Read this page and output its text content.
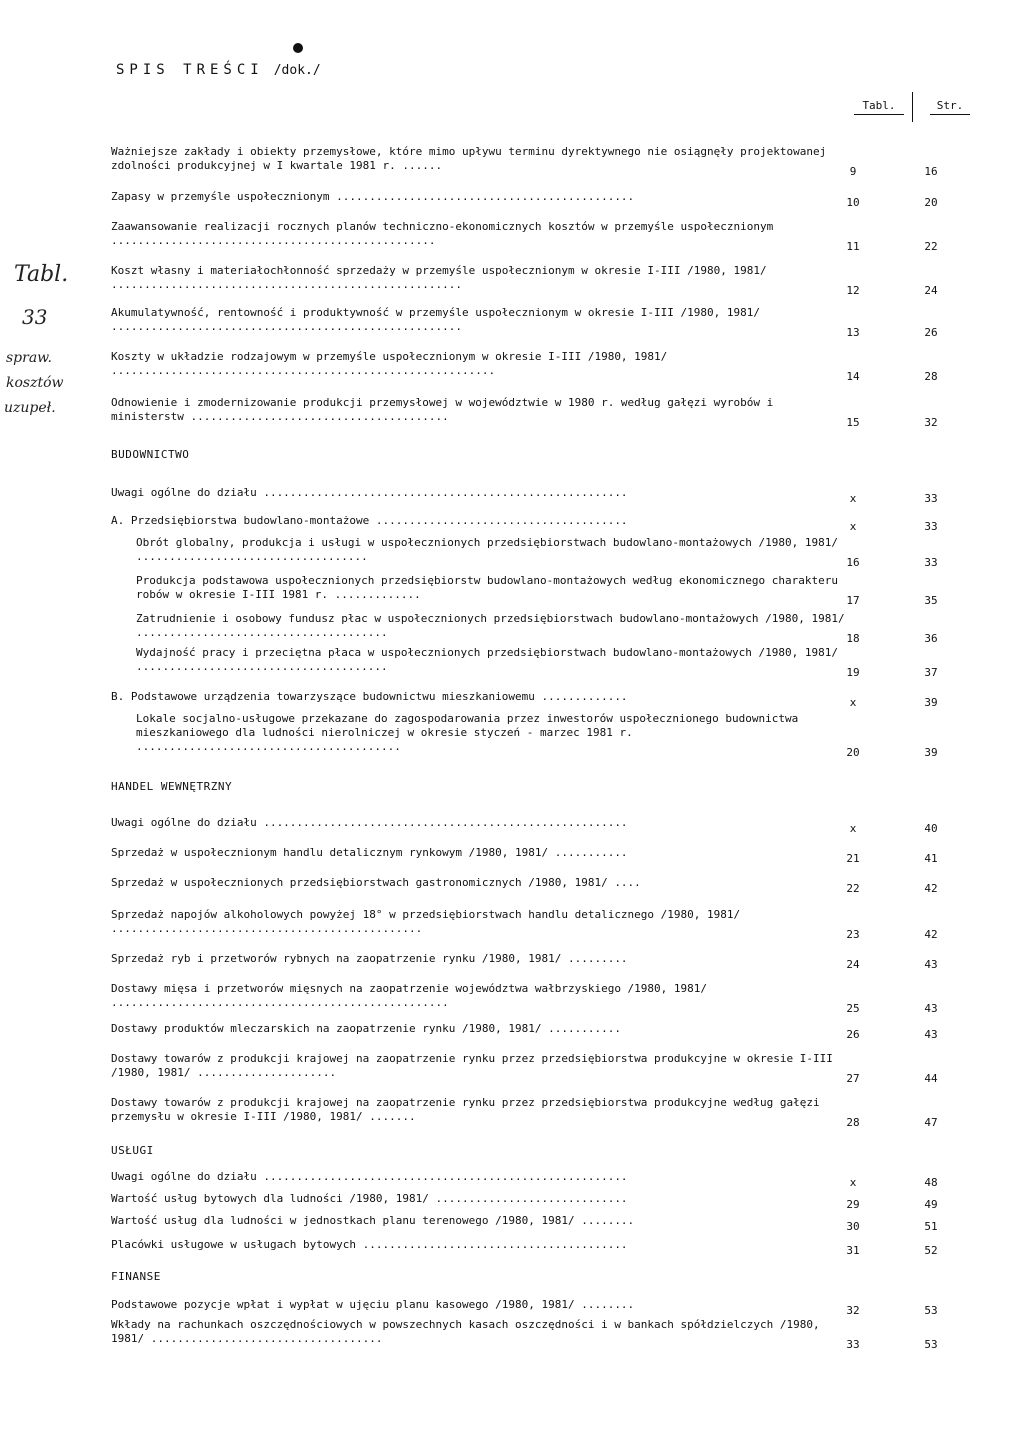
SPIS TREŚCI /dok./
Tabl.	Str.
Tabl.
33
spraw.
kosztów
uzupeł.
Ważniejsze zakłady i obiekty przemysłowe, które mimo upływu terminu dyrektywnego nie osiągnęły projektowanej zdolności produkcyjnej w I kwartale 1981 r. ......	9	16
Zapasy w przemyśle uspołecznionym .............................................	10	20
Zaawansowanie realizacji rocznych planów techniczno-ekonomicznych kosztów w przemyśle uspołecznionym .................................................	11	22
Koszt własny i materiałochłonność sprzedaży w przemyśle uspołecznionym w okresie I-III /1980, 1981/ .....................................................	12	24
Akumulatywność, rentowność i produktywność w przemyśle uspołecznionym w okresie I-III /1980, 1981/ .....................................................	13	26
Koszty w układzie rodzajowym w przemyśle uspołecznionym w okresie I-III /1980, 1981/ ..........................................................	14	28
Odnowienie i zmodernizowanie produkcji przemysłowej w województwie w 1980 r. według gałęzi wyrobów i ministerstw .......................................	15	32
BUDOWNICTWO
Uwagi ogólne do działu .......................................................	x	33
A. Przedsiębiorstwa budowlano-montażowe ......................................	x	33
Obrót globalny, produkcja i usługi w uspołecznionych przedsiębiorstwach budowlano-montażowych /1980, 1981/ ...................................	16	33
Produkcja podstawowa uspołecznionych przedsiębiorstw budowlano-montażowych według ekonomicznego charakteru robów w okresie I-III 1981 r. .............	17	35
Zatrudnienie i osobowy fundusz płac w uspołecznionych przedsiębiorstwach budowlano-montażowych /1980, 1981/ ......................................	18	36
Wydajność pracy i przeciętna płaca w uspołecznionych przedsiębiorstwach budowlano-montażowych /1980, 1981/ ......................................	19	37
B. Podstawowe urządzenia towarzyszące budownictwu mieszkaniowemu .............	x	39
Lokale socjalno-usługowe przekazane do zagospodarowania przez inwestorów uspołecznionego budownictwa mieszkaniowego dla ludności nierolniczej w okresie styczeń - marzec 1981 r. ........................................	20	39
HANDEL WEWNĘTRZNY
Uwagi ogólne do działu .......................................................	x	40
Sprzedaż w uspołecznionym handlu detalicznym rynkowym /1980, 1981/ ...........	21	41
Sprzedaż w uspołecznionych przedsiębiorstwach gastronomicznych /1980, 1981/ ....	22	42
Sprzedaż napojów alkoholowych powyżej 18° w przedsiębiorstwach handlu detalicznego /1980, 1981/ ...............................................	23	42
Sprzedaż ryb i przetworów rybnych na zaopatrzenie rynku /1980, 1981/ .........	24	43
Dostawy mięsa i przetworów mięsnych na zaopatrzenie województwa wałbrzyskiego /1980, 1981/ ...................................................	25	43
Dostawy produktów mleczarskich na zaopatrzenie rynku /1980, 1981/ ...........	26	43
Dostawy towarów z produkcji krajowej na zaopatrzenie rynku przez przedsiębiorstwa produkcyjne w okresie I-III /1980, 1981/ .....................	27	44
Dostawy towarów z produkcji krajowej na zaopatrzenie rynku przez przedsiębiorstwa produkcyjne według gałęzi przemysłu w okresie I-III /1980, 1981/ .......	28	47
USŁUGI
Uwagi ogólne do działu .......................................................	x	48
Wartość usług bytowych dla ludności /1980, 1981/ .............................	29	49
Wartość usług dla ludności w jednostkach planu terenowego /1980, 1981/ ........	30	51
Placówki usługowe w usługach bytowych ........................................	31	52
FINANSE
Podstawowe pozycje wpłat i wypłat w ujęciu planu kasowego /1980, 1981/ ........	32	53
Wkłady na rachunkach oszczędnościowych w powszechnych kasach oszczędności i w bankach spółdzielczych /1980, 1981/ ...................................	33	53
